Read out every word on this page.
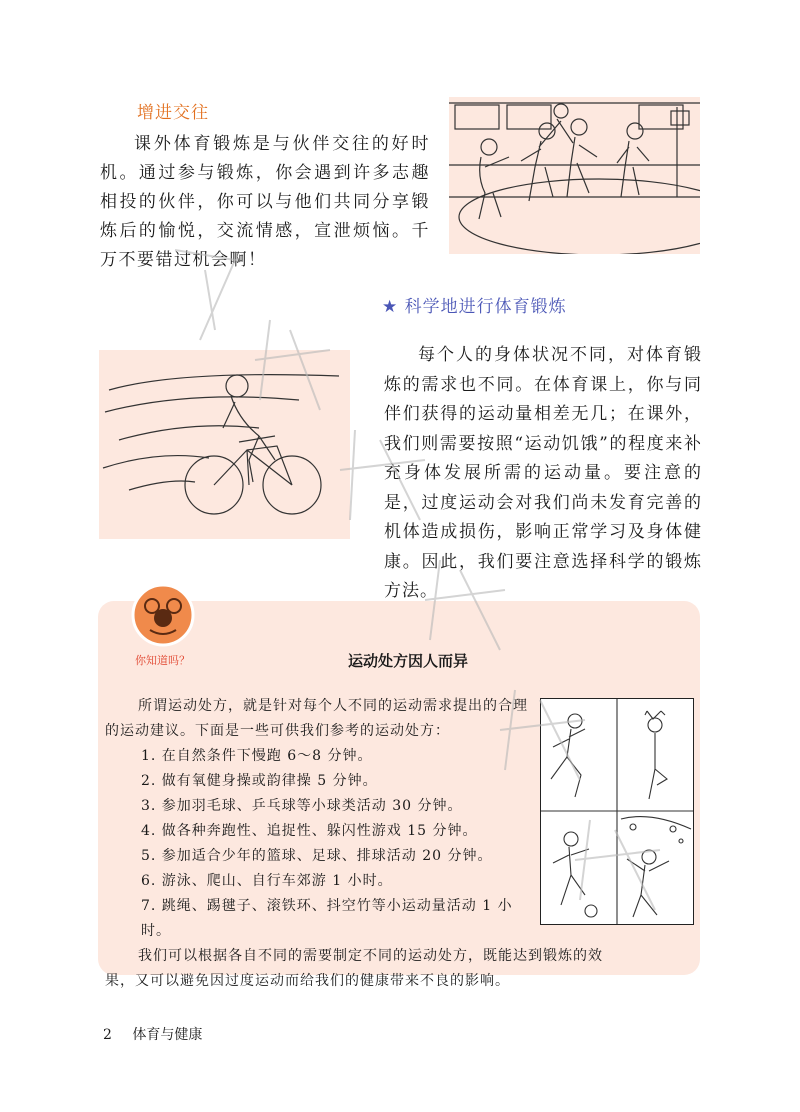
增进交往
课外体育锻炼是与伙伴交往的好时机。通过参与锻炼，你会遇到许多志趣相投的伙伴，你可以与他们共同分享锻炼后的愉悦，交流情感，宣泄烦恼。千万不要错过机会啊！
★ 科学地进行体育锻炼
每个人的身体状况不同，对体育锻炼的需求也不同。在体育课上，你与同伴们获得的运动量相差无几；在课外，我们则需要按照“运动饥饿”的程度来补充身体发展所需的运动量。要注意的是，过度运动会对我们尚未发育完善的机体造成损伤，影响正常学习及身体健康。因此，我们要注意选择科学的锻炼方法。
你知道吗？	运动处方因人而异

所谓运动处方，就是针对每个人不同的运动需求提出的合理的运动建议。下面是一些可供我们参考的运动处方：

1. 在自然条件下慢跑 6～8 分钟。

2. 做有氧健身操或韵律操 5 分钟。

3. 参加羽毛球、乒乓球等小球类活动 30 分钟。

4. 做各种奔跑性、追捉性、躲闪性游戏 15 分钟。

5. 参加适合少年的篮球、足球、排球活动 20 分钟。

6. 游泳、爬山、自行车郊游 1 小时。

7. 跳绳、踢毽子、滚铁环、抖空竹等小运动量活动 1 小时。

我们可以根据各自不同的需要制定不同的运动处方，既能达到锻炼的效果，又可以避免因过度运动而给我们的健康带来不良的影响。

2 体育与健康
